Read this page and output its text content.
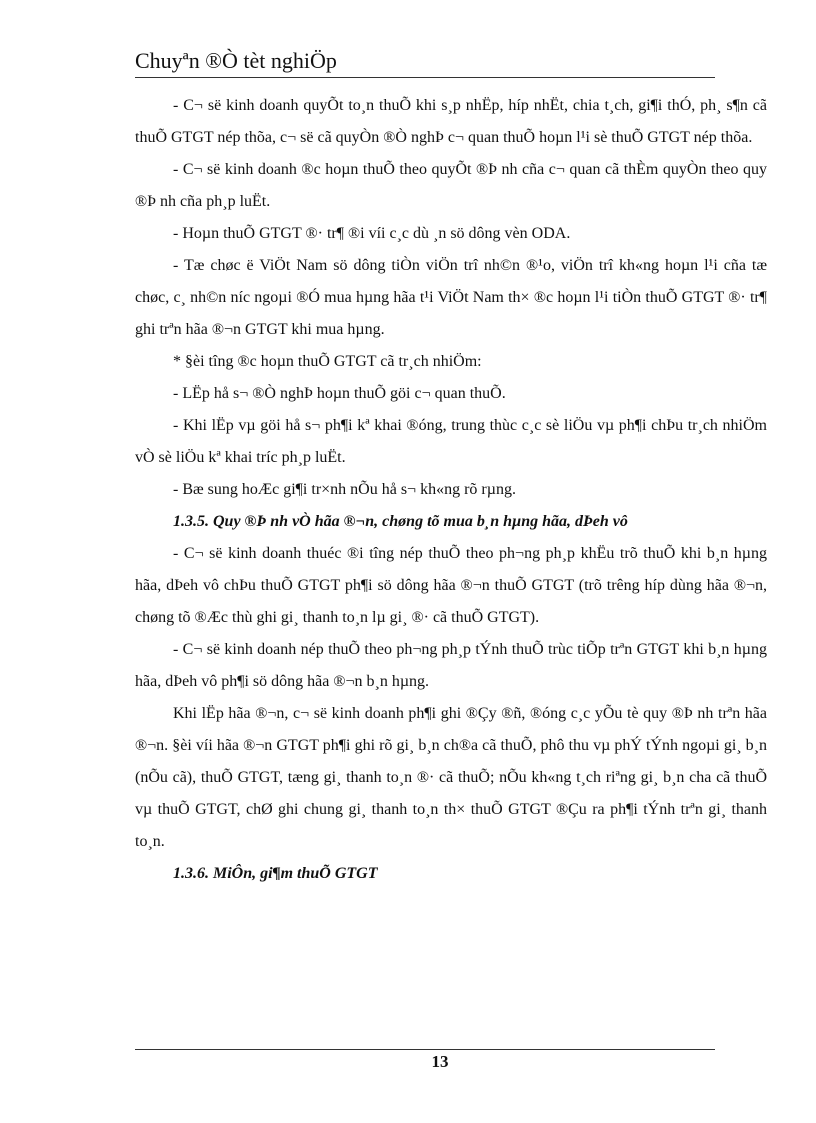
Chuyªn ®Ò tèt nghiÖp

- C¬ së kinh doanh quyÕt to¸n thuÕ khi s¸p nhËp, híp nhËt, chia t¸ch, gi¶i thÓ, ph¸ s¶n cã thuÕ GTGT nép thõa, c¬ së cã quyÒn ®Ò nghÞ c¬ quan thuÕ hoµn l¹i sè thuÕ GTGT nép thõa.

- C¬ së kinh doanh ®c hoµn thuÕ theo quyÕt ®Þ nh cña c¬ quan cã thÈm quyÒn theo quy ®Þ nh cña ph¸p luËt.

- Hoµn thuÕ GTGT ®· tr¶ ®i víi c¸c dù ¸n sö dông vèn ODA.

- Tæ chøc ë ViÖt Nam sö dông tiÒn viÖn trî nh©n ®¹o, viÖn trî kh«ng hoµn l¹i cña tæ chøc, c¸ nh©n níc ngoµi ®Ó mua hµng hãa t¹i ViÖt Nam th× ®c hoµn l¹i tiÒn thuÕ GTGT ®· tr¶ ghi trªn hãa ®¬n GTGT khi mua hµng.

* §èi tîng ®c hoµn thuÕ GTGT cã tr¸ch nhiÖm:

- LËp hå s¬ ®Ò nghÞ hoµn thuÕ göi c¬ quan thuÕ.

- Khi lËp vµ göi hå s¬ ph¶i kª khai ®óng, trung thùc c¸c sè liÖu vµ ph¶i chÞu tr¸ch nhiÖm vÒ sè liÖu kª khai tríc ph¸p luËt.

- Bæ sung hoÆc gi¶i tr×nh nÕu hå s¬ kh«ng rõ rµng.

1.3.5. Quy ®Þ nh vÒ hãa ®¬n, chøng tõ mua b¸n hµng hãa, dÞeh vô

- C¬ së kinh doanh thuéc ®i tîng nép thuÕ theo ph¬ng ph¸p khËu trõ thuÕ khi b¸n hµng hãa, dÞeh vô chÞu thuÕ GTGT ph¶i sö dông hãa ®¬n thuÕ GTGT (trõ trêng híp dùng hãa ®¬n, chøng tõ ®Æc thù ghi gi¸ thanh to¸n lµ gi¸ ®· cã thuÕ GTGT).

- C¬ së kinh doanh nép thuÕ theo ph¬ng ph¸p tÝnh thuÕ trùc tiÕp trªn GTGT khi b¸n hµng hãa, dÞeh vô ph¶i sö dông hãa ®¬n b¸n hµng.

Khi lËp hãa ®¬n, c¬ së kinh doanh ph¶i ghi ®Çy ®ñ, ®óng c¸c yÕu tè quy ®Þ nh trªn hãa ®¬n. §èi víi hãa ®¬n GTGT ph¶i ghi rõ gi¸ b¸n ch®a cã thuÕ, phô thu vµ phÝ tÝnh ngoµi gi¸ b¸n (nÕu cã), thuÕ GTGT, tæng gi¸ thanh to¸n ®· cã thuÕ; nÕu kh«ng t¸ch riªng gi¸ b¸n cha cã thuÕ vµ thuÕ GTGT, chØ ghi chung gi¸ thanh to¸n th× thuÕ GTGT ®Çu ra ph¶i tÝnh trªn gi¸ thanh to¸n.

1.3.6. MiÔn, gi¶m thuÕ GTGT

13
